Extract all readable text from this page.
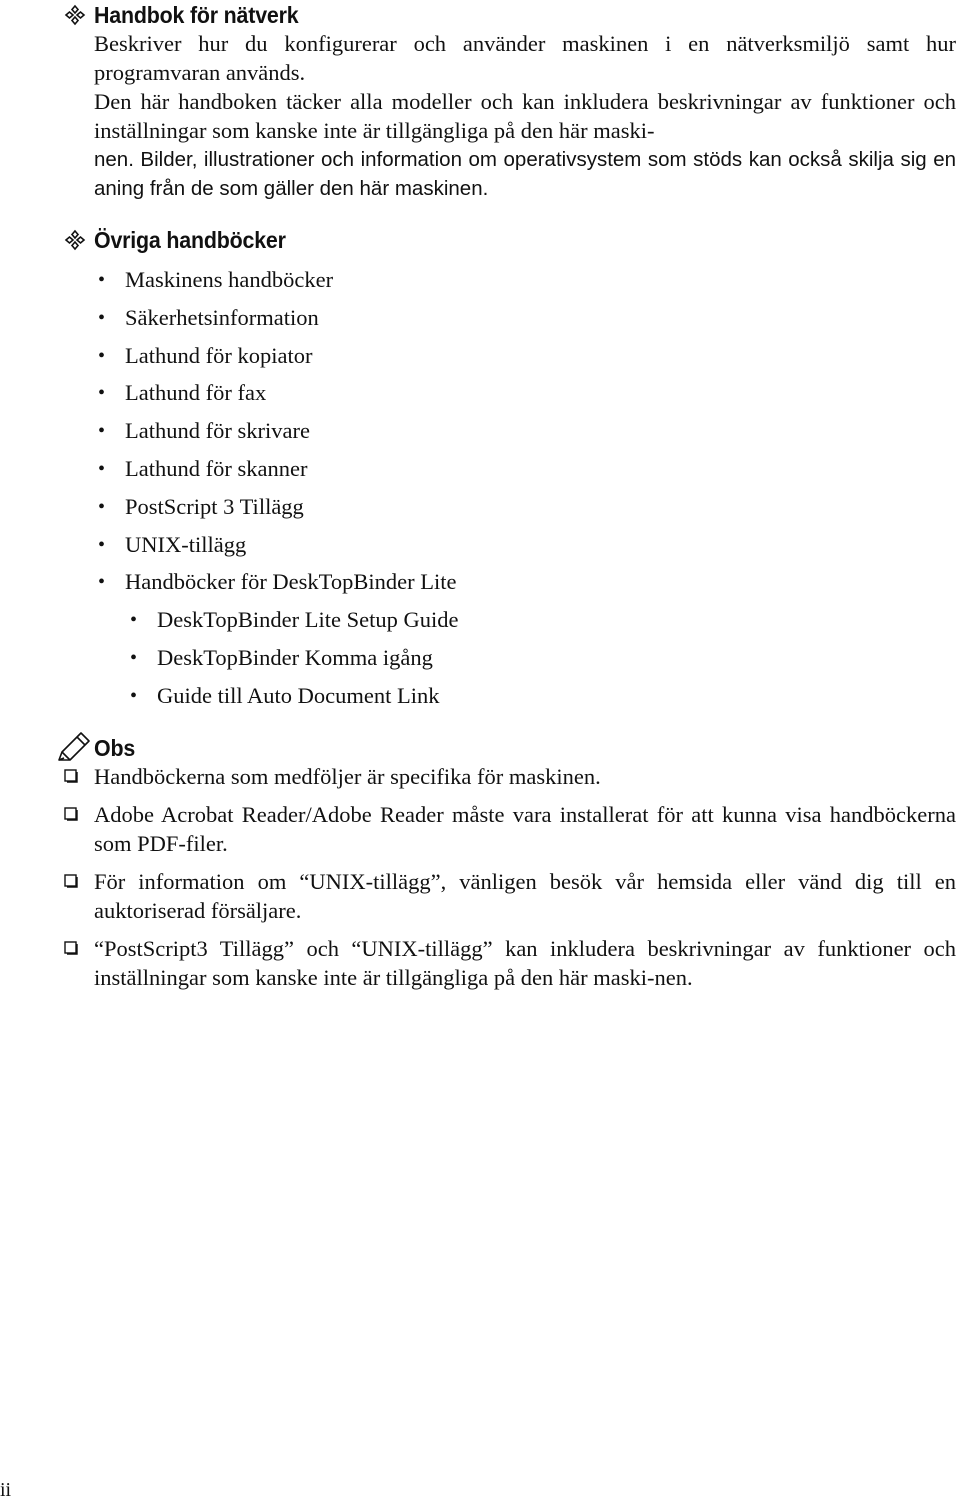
Handbok för nätverk

Beskriver hur du konfigurerar och använder maskinen i en nätverksmiljö samt hur programvaran används.

Den här handboken täcker alla modeller och kan inkludera beskrivningar av funktioner och inställningar som kanske inte är tillgängliga på den här maski-

nen. Bilder, illustrationer och information om operativsystem som stöds kan också skilja sig en aning från de som gäller den här maskinen.

Övriga handböcker
• Maskinens handböcker
• Säkerhetsinformation
• Lathund för kopiator
• Lathund för fax
• Lathund för skrivare
• Lathund för skanner
• PostScript 3 Tillägg
• UNIX-tillägg
• Handböcker för DeskTopBinder Lite
• DeskTopBinder Lite Setup Guide
• DeskTopBinder Komma igång
• Guide till Auto Document Link
Obs
Handböckerna som medföljer är specifika för maskinen.
Adobe Acrobat Reader/Adobe Reader måste vara installerat för att kunna visa handböckerna som PDF-filer.
För information om “UNIX-tillägg”, vänligen besök vår hemsida eller vänd dig till en auktoriserad försäljare.
“PostScript3 Tillägg” och “UNIX-tillägg” kan inkludera beskrivningar av funktioner och inställningar som kanske inte är tillgängliga på den här maski-nen.
ii
